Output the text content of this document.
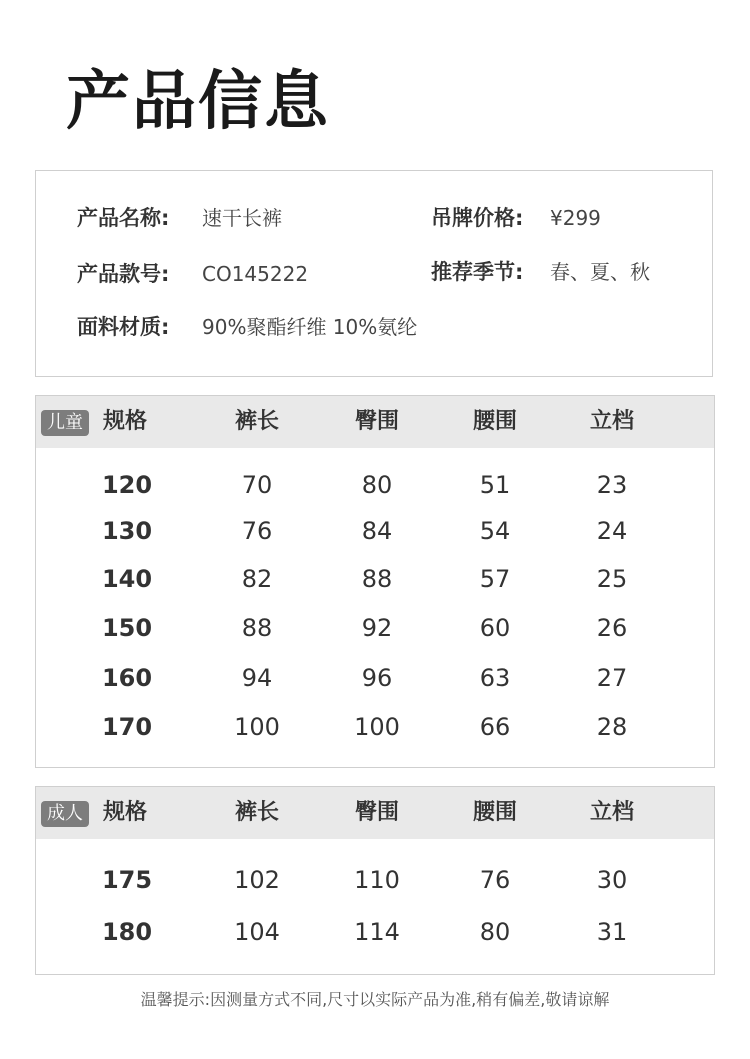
产品信息
产品名称: 速干长裤	吊牌价格: ¥299
产品款号: CO145222	推荐季节: 春、夏、秋
面料材质: 90%聚酯纤维 10%氨纶
儿童 规格	裤长	臀围	腰围	立档
120	70	80	51	23
130	76	84	54	24
140	82	88	57	25
150	88	92	60	26
160	94	96	63	27
170	100	100	66	28
成人 规格	裤长	臀围	腰围	立档
175	102	110	76	30
180	104	114	80	31
温馨提示:因测量方式不同,尺寸以实际产品为准,稍有偏差,敬请谅解
